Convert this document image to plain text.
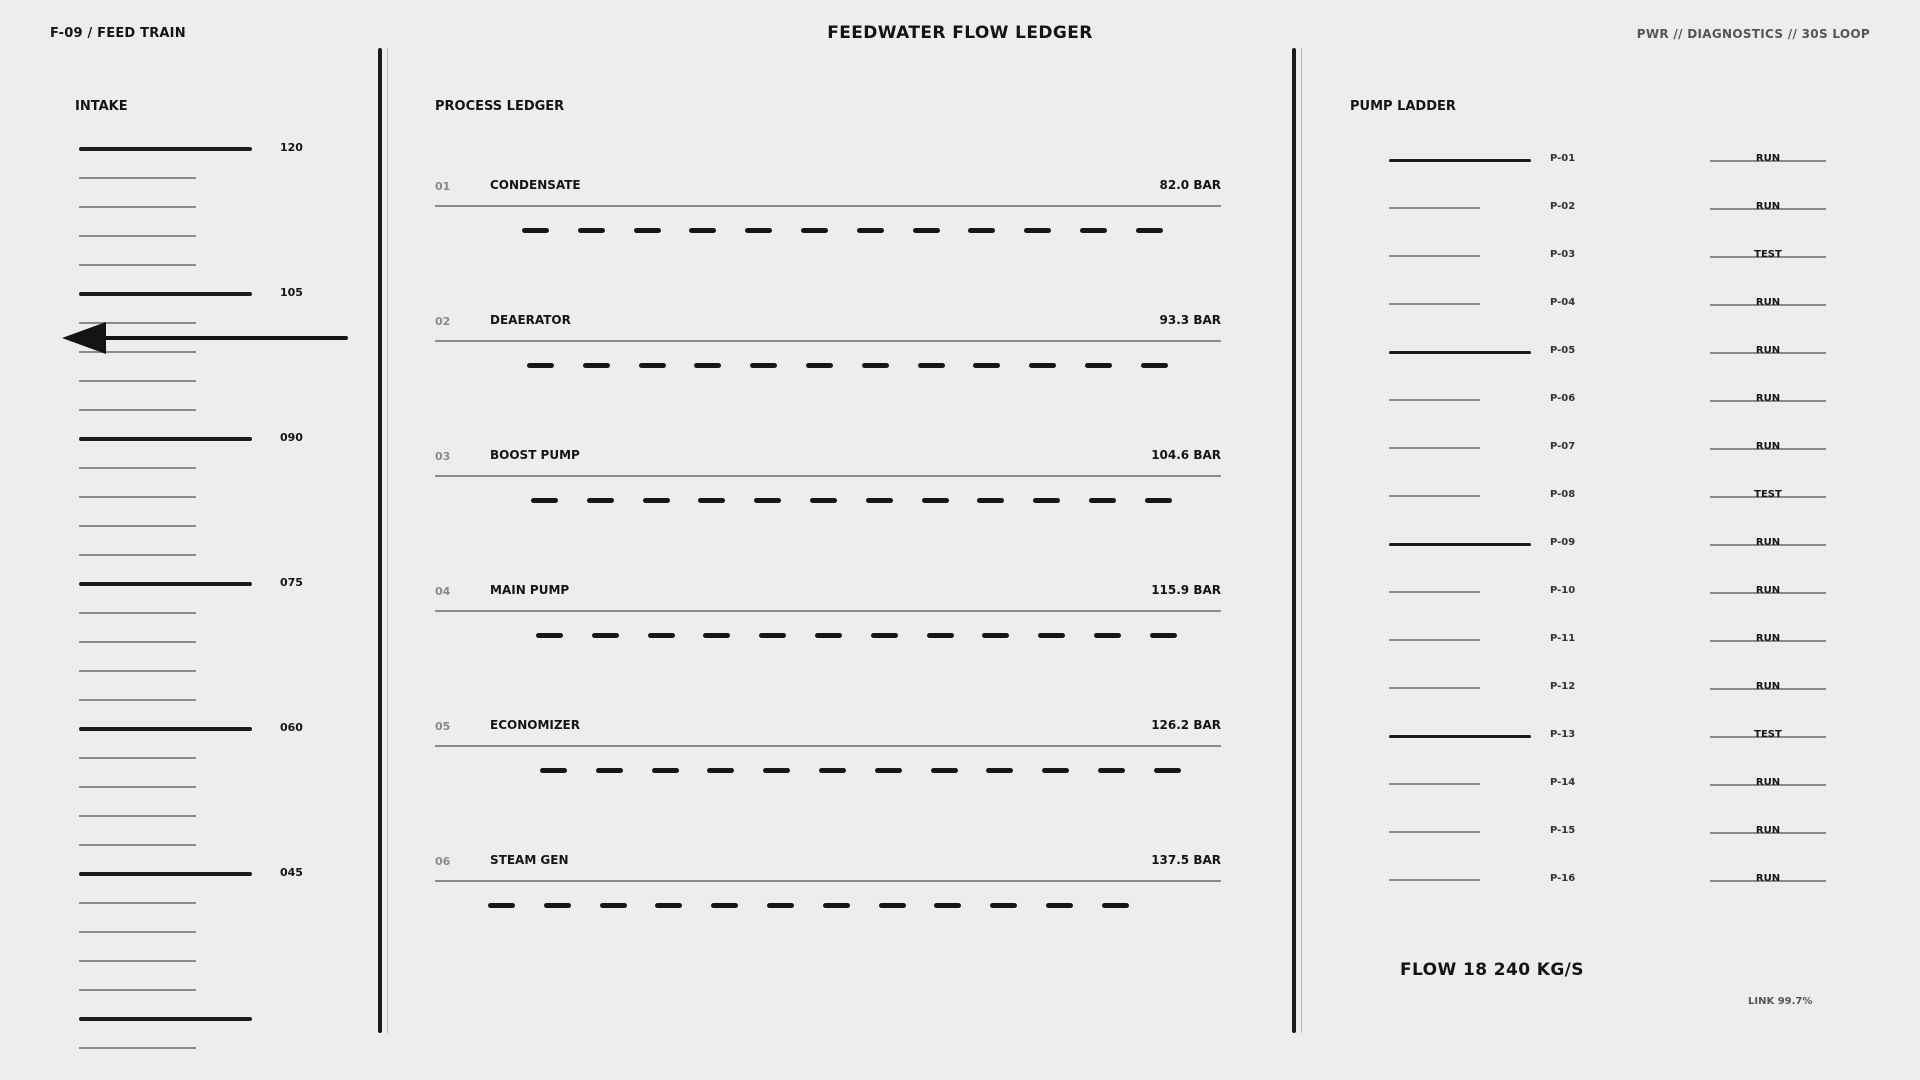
F-09 / FEED TRAIN	FEEDWATER FLOW LEDGER	PWR // DIAGNOSTICS // 30S LOOP
INTAKE
120
105
090
075
060
045
PROCESS LEDGER
01	CONDENSATE	82.0 BAR
02	DEAERATOR	93.3 BAR
03	BOOST PUMP	104.6 BAR
04	MAIN PUMP	115.9 BAR
05	ECONOMIZER	126.2 BAR
06	STEAM GEN	137.5 BAR
PUMP LADDER
P-01	RUN
P-02	RUN
P-03	TEST
P-04	RUN
P-05	RUN
P-06	RUN
P-07	RUN
P-08	TEST
P-09	RUN
P-10	RUN
P-11	RUN
P-12	RUN
P-13	TEST
P-14	RUN
P-15	RUN
P-16	RUN
FLOW 18 240 KG/S
LINK 99.7%
